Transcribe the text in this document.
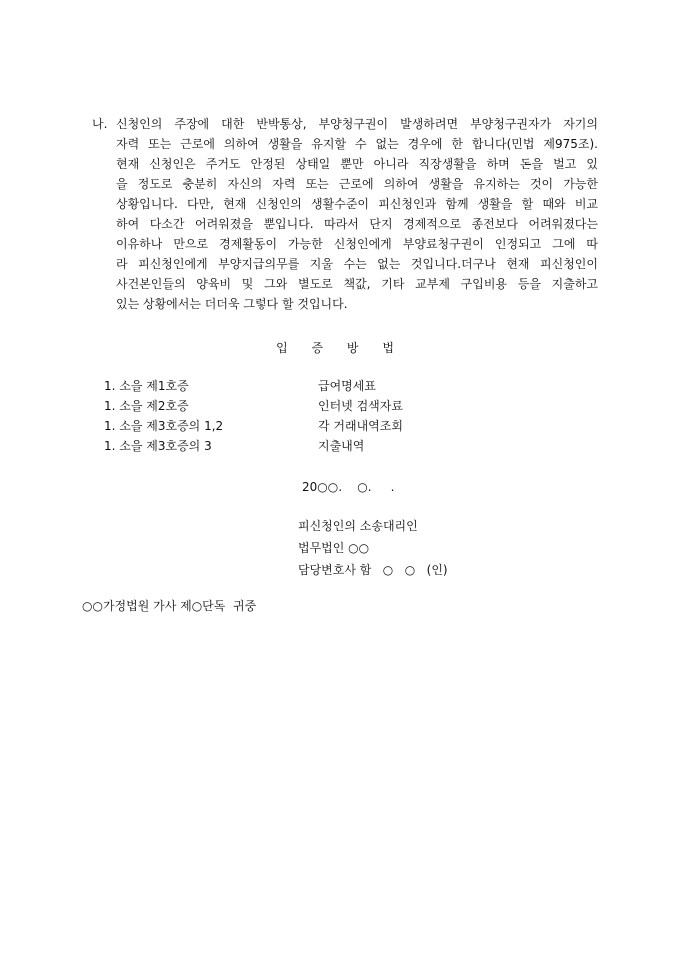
나. 신청인의 주장에 대한 반박통상, 부양청구권이 발생하려면 부양청구권자가 자기의
자력 또는 근로에 의하여 생활을 유지할 수 없는 경우에 한 합니다(민법 제975조).
현재 신청인은 주거도 안정된 상태일 뿐만 아니라 직장생활을 하며 돈을 벌고 있
을 정도로 충분히 자신의 자력 또는 근로에 의하여 생활을 유지하는 것이 가능한
상황입니다. 다만, 현재 신청인의 생활수준이 피신청인과 함께 생활을 할 때와 비교
하여 다소간 어려워졌을 뿐입니다. 따라서 단지 경제적으로 종전보다 어려워졌다는
이유하나 만으로 경제활동이 가능한 신청인에게 부양료청구권이 인정되고 그에 따
라 피신청인에게 부양지급의무를 지울 수는 없는 것입니다.더구나 현재 피신청인이
사건본인들의 양육비 및 그와 별도로 책값, 기타 교부제 구입비용 등을 지출하고
있는 상황에서는 더더욱 그렇다 할 것입니다.
입 증 방 법
1. 소을 제1호증	급여명세표
1. 소을 제2호증	인터넷 검색자료
1. 소을 제3호증의 1,2	각 거래내역조회
1. 소을 제3호증의 3	지출내역
20○○.    ○.     .
피신청인의 소송대리인
법무법인 ○○
담당변호사 함   ○   ○   (인)
○○가정법원 가사 제○단독  귀중
